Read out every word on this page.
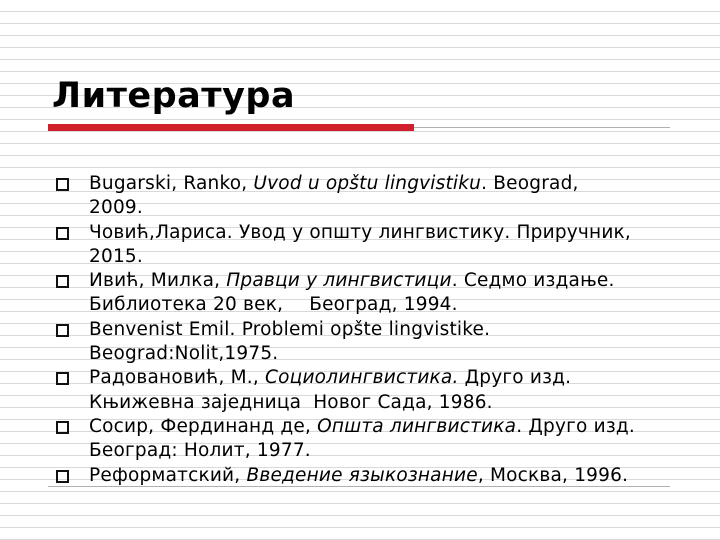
Литература
Bugarski, Ranko, Uvod u opštu lingvistiku. Beograd,
2009.
Човић,Лариса. Увод у општу лингвистику. Приручник,
2015.
Ивић, Милка, Правци у лингвистици. Седмо издање.
Библиотека 20 век, Београд, 1994.
Benvenist Emil. Problemi opšte lingvistike.
Beograd:Nolit,1975.
Радовановић, М., Социолингвистика. Друго изд.
Књижевна заједница Новог Сада, 1986.
Сосир, Фердинанд де, Општа лингвистика. Друго изд.
Београд: Нолит, 1977.
Реформатский, Введение языкознание, Москва, 1996.
